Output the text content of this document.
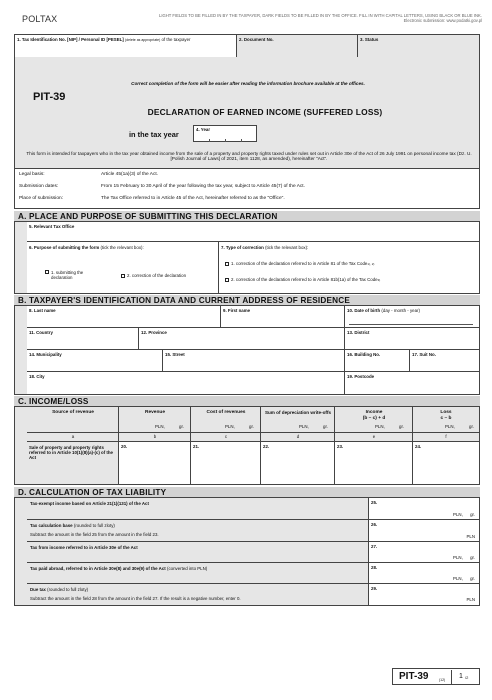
POLTAX	LIGHT FIELDS TO BE FILLED IN BY THE TAXPAYER, DARK FIELDS TO BE FILLED IN BY THE OFFICE. FILL IN WITH CAPITAL LETTERS, USING BLACK OR BLUE INK.
Electronic submission: www.podatki.gov.pl
1. Tax Identification No. [NIP] / Personal ID [PESEL] (delete as appropriate) of the taxpayer	2. Document No.	3. Status
Correct completion of the form will be easier after reading the information brochure available at the offices.
PIT-39
DECLARATION OF EARNED INCOME (SUFFERED LOSS)
in the tax year
4. Year
This form is intended for taxpayers who in the tax year obtained income from the sale of a property and property rights taxed under rules set out in Article 30e of the Act of 26 July 1991 on personal income tax (Dz. U. [Polish Journal of Laws] of 2021, item 1128, as amended), hereinafter "Act".
Legal basis:	Article 45(1a)(3) of the Act.
Submission dates:	From 15 February to 30 April of the year following the tax year, subject to Article 45(7) of the Act.
Place of submission:	The Tax Office referred to in Article 45 of the Act, hereinafter referred to as the "Office".
A. PLACE AND PURPOSE OF SUBMITTING THIS DECLARATION
5. Relevant Tax Office
6. Purpose of submitting the form (tick the relevant box):
1. submitting the declaration	2. correction of the declaration
7. Type of correction (tick the relevant box):
1. correction of the declaration referred to in Article 81 of the Tax Code 1), 2)
2. correction of the declaration referred to in Article 81b(1a) of the Tax Code 3)
B. TAXPAYER'S IDENTIFICATION DATA AND CURRENT ADDRESS OF RESIDENCE
8. Last name	9. First name	10. Date of birth (day - month - year)
11. Country	12. Province	13. District
14. Municipality	15. Street	16. Building No.	17. Suit No.
18. City	19. Postcode
C. INCOME/LOSS
Source of revenue	Revenue
PLN,	gr.
Cost of revenues
PLN,	gr.
Sum of depreciation write-offs
PLN,	gr.
Income
(b – c) + d
PLN,	gr.
Loss
c – b
PLN,	gr.
a	b	c	d	e	f
Sale of property and property rights referred to in Article 10(1)(8)(a)-(c) of the Act
20.	21.	22.	23.	24.
D. CALCULATION OF TAX LIABILITY
Tax-exempt income based on Article 21(1)(131) of the Act	25.
PLN,      gr.
Tax calculation base (rounded to full zloty)
Subtract the amount in the field 25 from the amount in the field 23.
26.
PLN
Tax from income referred to in Article 30e of the Act	27.
PLN,      gr.
Tax paid abroad, referred to in Article 30e(8) and 30e(9) of the Act (converted into PLN)	28.
PLN,      gr.
Due tax (rounded to full zloty)
Subtract the amount in the field 28 from the amount in the field 27. If the result is a negative number, enter 0.
29.
PLN
PIT-39	(12) 1 /2
